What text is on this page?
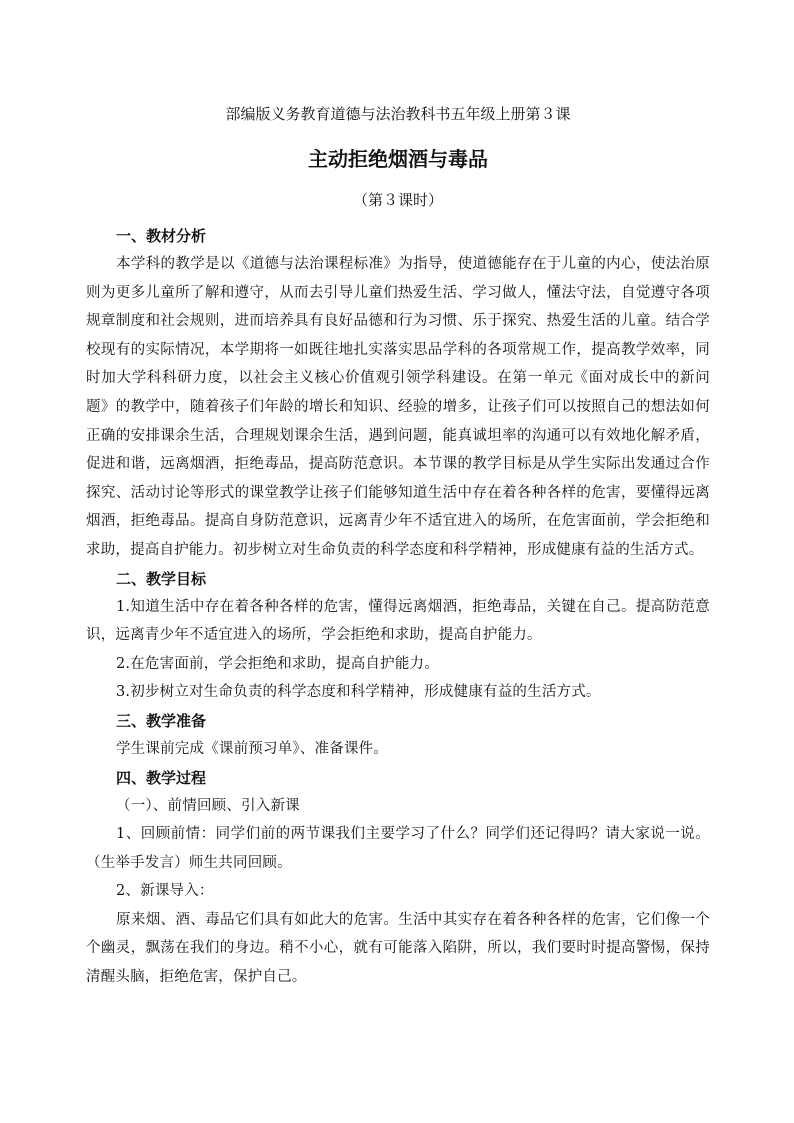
部编版义务教育道德与法治教科书五年级上册第３课
主动拒绝烟酒与毒品
（第３课时）
一、教材分析

本学科的教学是以《道德与法治课程标准》为指导，使道德能存在于儿童的内心，使法治原则为更多儿童所了解和遵守，从而去引导儿童们热爱生活、学习做人，懂法守法，自觉遵守各项规章制度和社会规则，进而培养具有良好品德和行为习惯、乐于探究、热爱生活的儿童。结合学校现有的实际情况，本学期将一如既往地扎实落实思品学科的各项常规工作，提高教学效率，同时加大学科科研力度，以社会主义核心价值观引领学科建设。在第一单元《面对成长中的新问题》的教学中，随着孩子们年龄的增长和知识、经验的增多，让孩子们可以按照自己的想法如何正确的安排课余生活，合理规划课余生活，遇到问题，能真诚坦率的沟通可以有效地化解矛盾，促进和谐，远离烟酒，拒绝毒品，提高防范意识。本节课的教学目标是从学生实际出发通过合作探究、活动讨论等形式的课堂教学让孩子们能够知道生活中存在着各种各样的危害，要懂得远离烟酒，拒绝毒品。提高自身防范意识，远离青少年不适宜进入的场所，在危害面前，学会拒绝和求助，提高自护能力。初步树立对生命负责的科学态度和科学精神，形成健康有益的生活方式。

二、教学目标

1.知道生活中存在着各种各样的危害，懂得远离烟酒，拒绝毒品，关键在自己。提高防范意识，远离青少年不适宜进入的场所，学会拒绝和求助，提高自护能力。

2.在危害面前，学会拒绝和求助，提高自护能力。

3.初步树立对生命负责的科学态度和科学精神，形成健康有益的生活方式。

三、教学准备

学生课前完成《课前预习单》、准备课件。

四、教学过程

（一）、前情回顾、引入新课

1、回顾前情：同学们前的两节课我们主要学习了什么？同学们还记得吗？请大家说一说。（生举手发言）师生共同回顾。

2、新课导入：

原来烟、酒、毒品它们具有如此大的危害。生活中其实存在着各种各样的危害，它们像一个个幽灵，飘荡在我们的身边。稍不小心，就有可能落入陷阱，所以，我们要时时提高警惕，保持清醒头脑，拒绝危害，保护自己。
